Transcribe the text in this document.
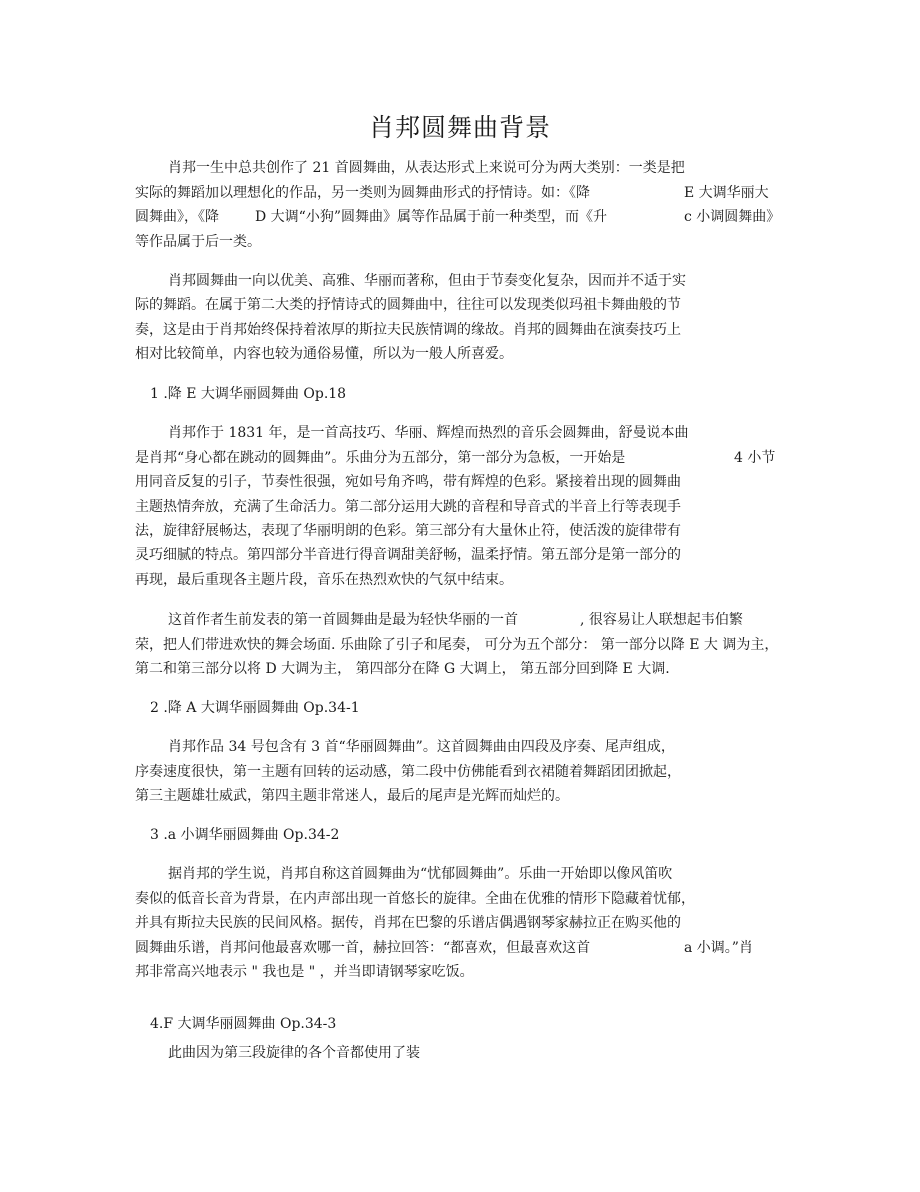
肖邦圆舞曲背景
肖邦一生中总共创作了 21 首圆舞曲，从表达形式上来说可分为两大类别：一类是把
实际的舞蹈加以理想化的作品，另一类则为圆舞曲形式的抒情诗。如：《降	E 大调华丽大
圆舞曲》，《降	D 大调“小狗”圆舞曲》属等作品属于前一种类型，而《升	c 小调圆舞曲》
等作品属于后一类。
肖邦圆舞曲一向以优美、高雅、华丽而著称，但由于节奏变化复杂，因而并不适于实
际的舞蹈。在属于第二大类的抒情诗式的圆舞曲中，往往可以发现类似玛祖卡舞曲般的节
奏，这是由于肖邦始终保持着浓厚的斯拉夫民族情调的缘故。肖邦的圆舞曲在演奏技巧上
相对比较简单，内容也较为通俗易懂，所以为一般人所喜爱。
1 .降 E 大调华丽圆舞曲 Op.18
肖邦作于 1831 年，是一首高技巧、华丽、辉煌而热烈的音乐会圆舞曲，舒曼说本曲
是肖邦“身心都在跳动的圆舞曲”。乐曲分为五部分，第一部分为急板，一开始是	4 小节
用同音反复的引子，节奏性很强，宛如号角齐鸣，带有辉煌的色彩。紧接着出现的圆舞曲
主题热情奔放，充满了生命活力。第二部分运用大跳的音程和导音式的半音上行等表现手
法，旋律舒展畅达，表现了华丽明朗的色彩。第三部分有大量休止符，使活泼的旋律带有
灵巧细腻的特点。第四部分半音进行得音调甜美舒畅，温柔抒情。第五部分是第一部分的
再现，最后重现各主题片段，音乐在热烈欢快的气氛中结束。
这首作者生前发表的第一首圆舞曲是最为轻快华丽的一首	, 很容易让人联想起韦伯繁
荣，把人们带进欢快的舞会场面. 乐曲除了引子和尾奏， 可分为五个部分： 第一部分以降 E 大 调为主，
第二和第三部分以将 D 大调为主， 第四部分在降 G 大调上， 第五部分回到降 E 大调.
2 .降 A 大调华丽圆舞曲 Op.34-1
肖邦作品 34 号包含有 3 首“华丽圆舞曲”。这首圆舞曲由四段及序奏、尾声组成，
序奏速度很快，第一主题有回转的运动感，第二段中仿佛能看到衣裙随着舞蹈团团掀起，
第三主题雄壮威武，第四主题非常迷人，最后的尾声是光辉而灿烂的。
3 .a 小调华丽圆舞曲 Op.34-2
据肖邦的学生说，肖邦自称这首圆舞曲为“忧郁圆舞曲”。乐曲一开始即以像风笛吹
奏似的低音长音为背景，在内声部出现一首悠长的旋律。全曲在优雅的情形下隐藏着忧郁，
并具有斯拉夫民族的民间风格。据传，肖邦在巴黎的乐谱店偶遇钢琴家赫拉正在购买他的
圆舞曲乐谱，肖邦问他最喜欢哪一首，赫拉回答：“都喜欢，但最喜欢这首	a 小调。”肖
邦非常高兴地表示 " 我也是 " ，并当即请钢琴家吃饭。
4.F 大调华丽圆舞曲 Op.34-3
此曲因为第三段旋律的各个音都使用了装
